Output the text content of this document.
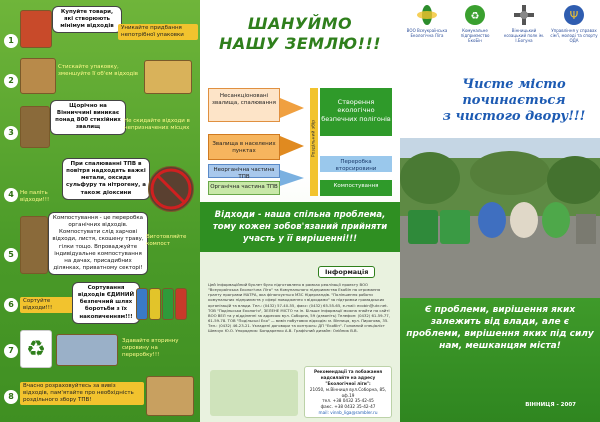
1
Купуйте товари, які створюють мінімум відходів	Уникайте придбання непотрібної упаковки
2
Стискайте упаковку, зменшуйте її об'єм відходів
3
Щорічно на Вінниччині виникає понад 800 стихійних звалищ
Не скидайте відходи в непризначених місцях
4	Не паліть відходи!!!
При спалюванні ТПВ в повітря надходять важкі метали, оксиди сульфуру та нітрогену, а також діоксини
5
Компостування - це переробка органічних відходів. Компостувати слід харчові відходи, листя, скошену траву, гілки тощо. Впроваджуйте індивідуальне компостування на дачах, присадибних ділянках, приватному секторі!
Виготовляйте компост
6	Сортуйте відходи!!!
Сортування відходів ЄДИНИЙ безпечний шлях боротьби з їх накопиченням!!!
7 ♻	Здавайте вторинну сировину на переробку!!!
8
Вчасно розраховуйтесь за вивіз відходів, пам'ятайте про необхідність роздільного збору ТПВ!
ШАНУЙМО
НАШУ ЗЕМЛЮ!!!
Несанкціоновані звалища, спалювання
Звалища в населених пунктах
Неорганічна частина ТПВ
Органічна частина ТПВ
Роздільний збір
Створення екологічно безпечних полігонів
Переробка вторсировини
Компостування
Відходи - наша спільна проблема, тому кожен зобов'язаний прийняти участь у її вирішенні!!!
Інформація
Цей інформаційний буклет було підготовлено в рамках реалізації проекту ВОО "Всеукраїнська Екологічна Ліга" та Комунального підприємства Екобін на отримання гранту програми МАТРА, яка фінансується МЗС Нідерландів. "Поліпшення роботи комунальних підприємств у сфері поводження з відходами" за підтримки громадських організацій та влади. Тел.: (0432) 57-40-55, факс: (0432) 65-55-65, e-mail: ecobin@ukr.net. ТОВ "Подільська Екологія", ЗЕЛЕНЕ МІСТО та ін. Більше інформації можна знайти на сайті ВОО ВЕЛ та у відділенні за адресою вул. Соборна, 59 (дзвоніть) Телефон: (0432) 61-59-77, 61-59-78. ТОВ "Подільські Еко" — вивіз побутових відходів: м. Вінниця, вул. Пирогова, 35. Тел.: (0432) 46-23-21. Укладені договори та контроль: ДП "Екобін". Головний спеціаліст Шевчук Ю.О. Упорядник: Бондаренко А.В. Графічний дизайн: Олійник В.В.
Рекомендації та побажання надсилайте на адресу "Екологічної ліги":
21050, м.Вінниця вул.Соборна, 85, оф.19
тел. +38 0432 35-42-45
факс. +38 0432 35-42-47
mail: vinnb_liga@rambler.ru
ВОО Всеукраїнська Екологічна Ліга
♻
Комунальне підприємство ЕкоБін
Вінницький козацький полк ім. І.Богуна
Ψ
Управління у справах сім'ї, молоді та спорту ОДА
Чисте місто
починається
з чистого двору!!!
Є проблеми, вирішення яких залежить від влади, але є проблеми, вирішення яких під силу нам, мешканцям міста!
ВІННИЦЯ - 2007
